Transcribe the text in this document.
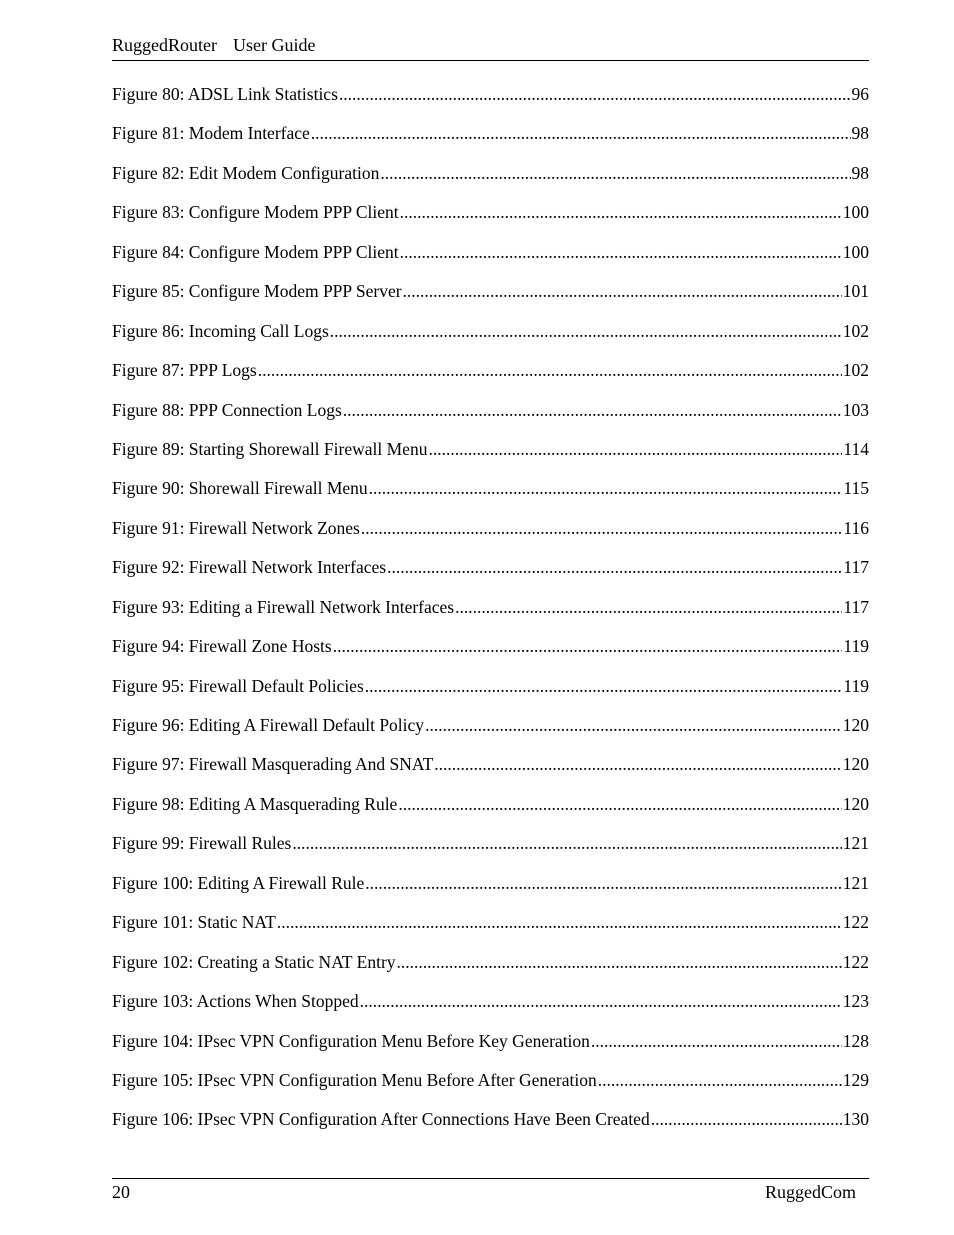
RuggedRouter User Guide
Figure 80: ADSL Link Statistics .....	96
Figure 81: Modem Interface .....	98
Figure 82: Edit Modem Configuration .....	98
Figure 83: Configure Modem PPP Client .....	100
Figure 84: Configure Modem PPP Client .....	100
Figure 85: Configure Modem PPP Server .....	101
Figure 86: Incoming Call Logs .....	102
Figure 87: PPP Logs .....	102
Figure 88: PPP Connection Logs .....	103
Figure 89: Starting Shorewall Firewall Menu .....	114
Figure 90: Shorewall Firewall Menu .....	115
Figure 91: Firewall Network Zones .....	116
Figure 92: Firewall Network Interfaces .....	117
Figure 93: Editing a Firewall Network Interfaces .....	117
Figure 94: Firewall Zone Hosts .....	119
Figure 95: Firewall Default Policies .....	119
Figure 96: Editing A Firewall Default Policy .....	120
Figure 97: Firewall Masquerading And SNAT .....	120
Figure 98: Editing A Masquerading Rule .....	120
Figure 99: Firewall Rules .....	121
Figure 100: Editing A Firewall Rule .....	121
Figure 101: Static NAT .....	122
Figure 102: Creating a Static NAT Entry .....	122
Figure 103: Actions When Stopped .....	123
Figure 104: IPsec VPN Configuration Menu Before Key Generation .....	128
Figure 105: IPsec VPN Configuration Menu Before After Generation .....	129
Figure 106: IPsec VPN Configuration After Connections Have Been Created .....	130
20	RuggedCom
